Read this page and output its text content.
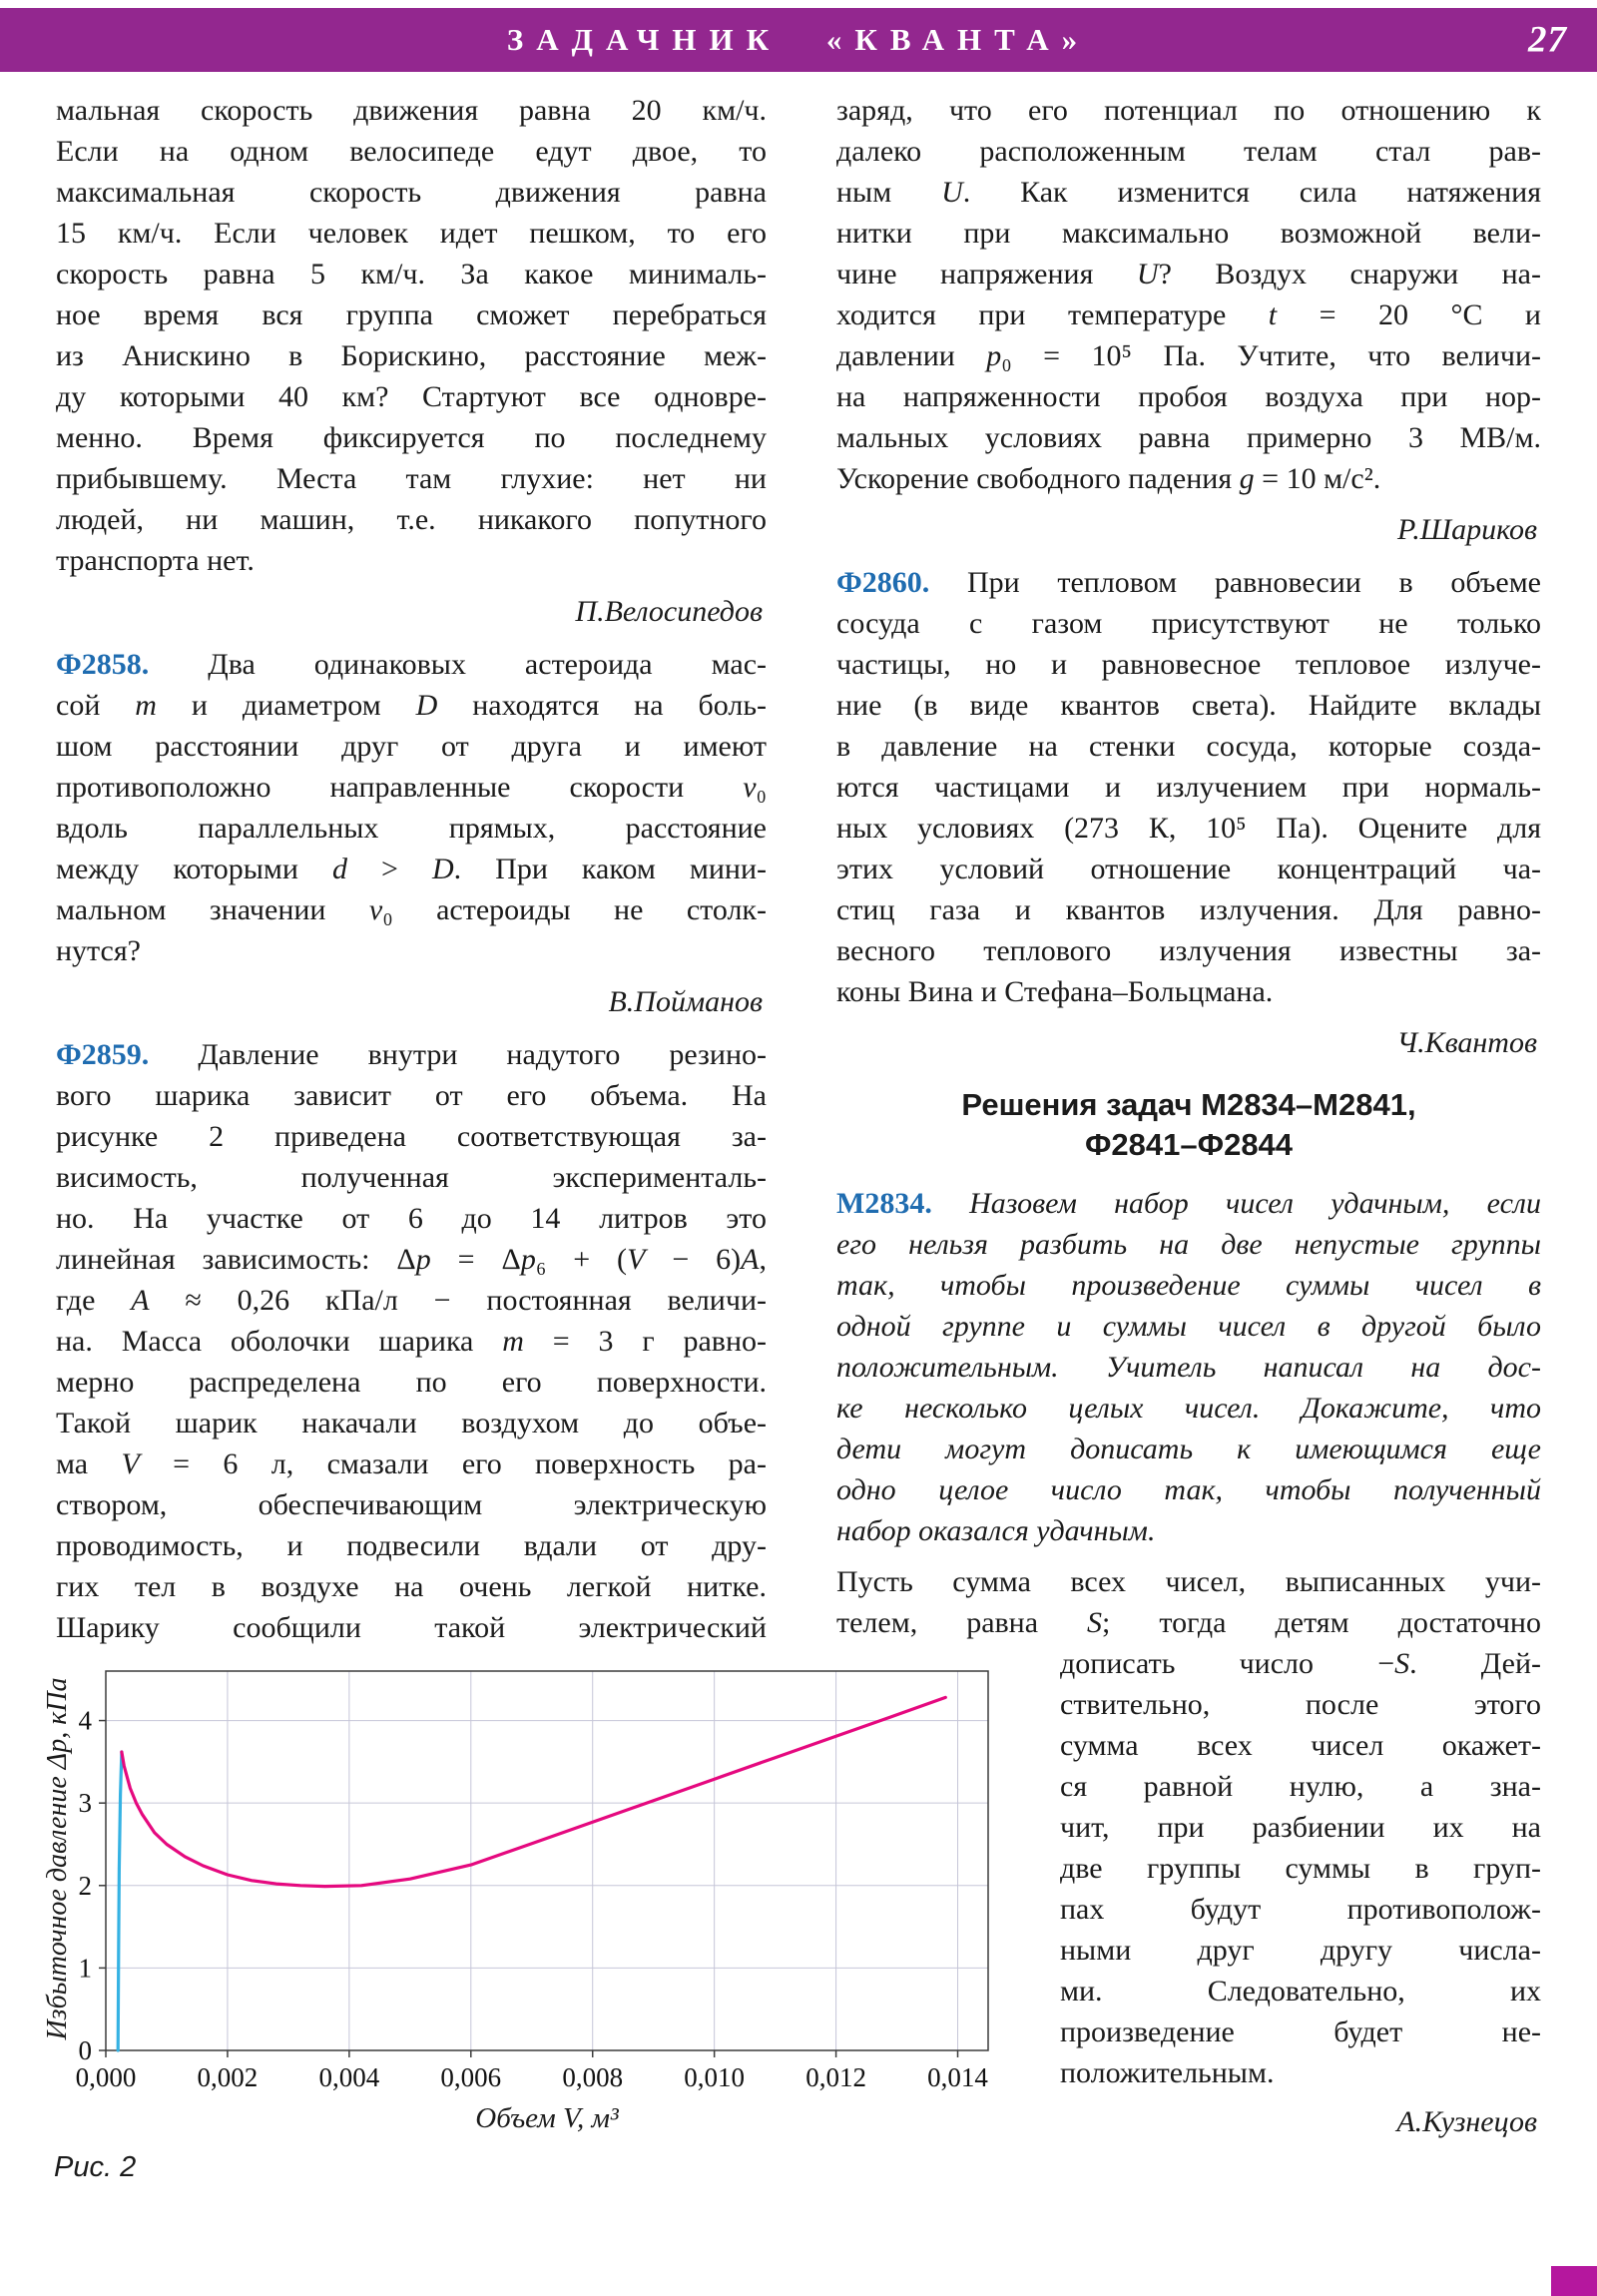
ЗАДАЧНИК «КВАНТА»	27
мальная скорость движения равна 20 км/ч.
Если на одном велосипеде едут двое, то
максимальная скорость движения равна
15 км/ч. Если человек идет пешком, то его
скорость равна 5 км/ч. За какое минималь-
ное время вся группа сможет перебраться
из Анискино в Борискино, расстояние меж-
ду которыми 40 км? Стартуют все одновре-
менно. Время фиксируется по последнему
прибывшему. Места там глухие: нет ни
людей, ни машин, т.е. никакого попутного
транспорта нет.
П.Велосипедов
Ф2858. Два одинаковых астероида мас-
сой m и диаметром D находятся на боль-
шом расстоянии друг от друга и имеют
противоположно направленные скорости v₀
вдоль параллельных прямых, расстояние
между которыми d > D. При каком мини-
мальном значении v₀ астероиды не столк-
нутся?
В.Пойманов
Ф2859. Давление внутри надутого резино-
вого шарика зависит от его объема. На
рисунке 2 приведена соответствующая за-
висимость, полученная эксперименталь-
но. На участке от 6 до 14 литров это
линейная зависимость: Δp = Δp₆ + (V − 6)A,
где A ≈ 0,26 кПа/л − постоянная величи-
на. Масса оболочки шарика m = 3 г равно-
мерно распределена по его поверхности.
Такой шарик накачали воздухом до объе-
ма V = 6 л, смазали его поверхность ра-
створом, обеспечивающим электрическую
проводимость, и подвесили вдали от дру-
гих тел в воздухе на очень легкой нитке.
Шарику сообщили такой электрический
заряд, что его потенциал по отношению к
далеко расположенным телам стал рав-
ным U. Как изменится сила натяжения
нитки при максимально возможной вели-
чине напряжения U? Воздух снаружи на-
ходится при температуре t = 20 °С и
давлении p₀ = 10⁵ Па. Учтите, что величи-
на напряженности пробоя воздуха при нор-
мальных условиях равна примерно 3 МВ/м.
Ускорение свободного падения g = 10 м/с².
Р.Шариков
Ф2860. При тепловом равновесии в объеме
сосуда с газом присутствуют не только
частицы, но и равновесное тепловое излуче-
ние (в виде квантов света). Найдите вклады
в давление на стенки сосуда, которые созда-
ются частицами и излучением при нормаль-
ных условиях (273 К, 10⁵ Па). Оцените для
этих условий отношение концентраций ча-
стиц газа и квантов излучения. Для равно-
весного теплового излучения известны за-
коны Вина и Стефана–Больцмана.
Ч.Квантов
Решения задач М2834–М2841,
Ф2841–Ф2844
М2834. Назовем набор чисел удачным, если
его нельзя разбить на две непустые группы
так, чтобы произведение суммы чисел в
одной группе и суммы чисел в другой было
положительным. Учитель написал на дос-
ке несколько целых чисел. Докажите, что
дети могут дописать к имеющимся еще
одно целое число так, чтобы полученный
набор оказался удачным.
Пусть сумма всех чисел, выписанных учи-
телем, равна S; тогда детям достаточно
дописать число −S. Дей-
ствительно, после этого
сумма всех чисел окажет-
ся равной нулю, а зна-
чит, при разбиении их на
две группы суммы в груп-
пах будут противополож-
ными друг другу числа-
ми. Следовательно, их
произведение будет не-
положительным.
А.Кузнецов
Избыточное давление Δp, кПа
0,000 0,002 0,004 0,006 0,008 0,010 0,012 0,014
0
1
2
3
4
Объем V, м³
Рис. 2
